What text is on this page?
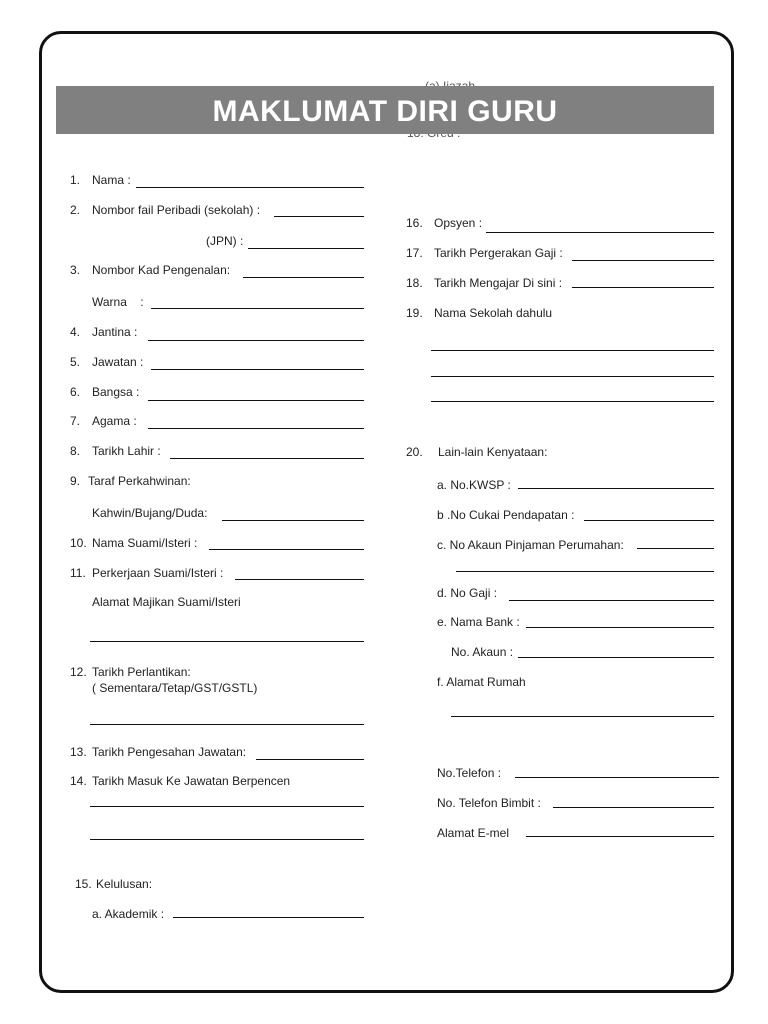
MAKLUMAT DIRI GURU
1. Nama :
2. Nombor fail Peribadi (sekolah) :
(JPN) :
3. Nombor Kad Pengenalan:
Warna    :
4. Jantina :
5. Jawatan :
6. Bangsa :
7. Agama :
8. Tarikh Lahir :
9. Taraf Perkahwinan:
Kahwin/Bujang/Duda:
10. Nama Suami/Isteri :
11. Perkerjaan Suami/Isteri :
Alamat Majikan Suami/Isteri
12. Tarikh Perlantikan:
( Sementara/Tetap/GST/GSTL)
13. Tarikh Pengesahan Jawatan:
14. Tarikh Masuk Ke Jawatan Berpencen
15. Kelulusan:
a. Akademik :
16. Opsyen :
17. Tarikh Pergerakan Gaji :
18. Tarikh Mengajar Di sini :
19. Nama Sekolah dahulu
20. Lain-lain Kenyataan:
a. No.KWSP :
b .No Cukai Pendapatan :
c. No Akaun Pinjaman Perumahan:
d. No Gaji :
e. Nama Bank :
No. Akaun :
f. Alamat Rumah
No.Telefon :
No. Telefon Bimbit :
Alamat E-mel
